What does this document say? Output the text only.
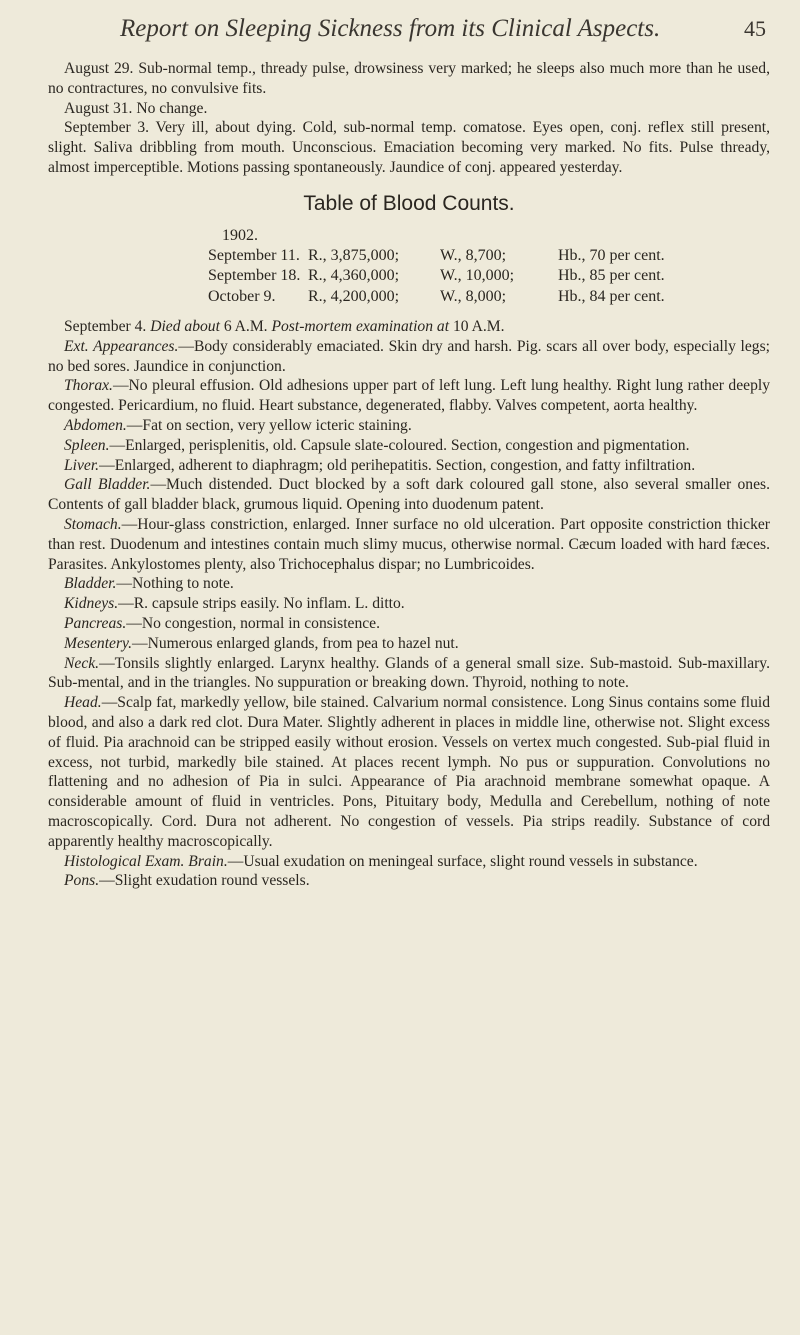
Report on Sleeping Sickness from its Clinical Aspects.	45

August 29. Sub-normal temp., thready pulse, drowsiness very marked; he sleeps also much more than he used, no contractures, no convulsive fits.

August 31. No change.

September 3. Very ill, about dying. Cold, sub-normal temp. comatose. Eyes open, conj. reflex still present, slight. Saliva dribbling from mouth. Unconscious. Emaciation becoming very marked. No fits. Pulse thready, almost imperceptible. Motions passing spontaneously. Jaundice of conj. appeared yesterday.

Table of Blood Counts.
1902.
September 11. R., 3,875,000;	W., 8,700;	Hb., 70 per cent.
September 18. R., 4,360,000;	W., 10,000;	Hb., 85 per cent.
October 9. R., 4,200,000;	W., 8,000;	Hb., 84 per cent.

September 4. Died about 6 A.M. Post-mortem examination at 10 A.M.

Ext. Appearances.—Body considerably emaciated. Skin dry and harsh. Pig. scars all over body, especially legs; no bed sores. Jaundice in conjunction.

Thorax.—No pleural effusion. Old adhesions upper part of left lung. Left lung healthy. Right lung rather deeply congested. Pericardium, no fluid. Heart substance, degenerated, flabby. Valves competent, aorta healthy.

Abdomen.—Fat on section, very yellow icteric staining.

Spleen.—Enlarged, perisplenitis, old. Capsule slate-coloured. Section, congestion and pigmentation.

Liver.—Enlarged, adherent to diaphragm; old perihepatitis. Section, congestion, and fatty infiltration.

Gall Bladder.—Much distended. Duct blocked by a soft dark coloured gall stone, also several smaller ones. Contents of gall bladder black, grumous liquid. Opening into duodenum patent.

Stomach.—Hour-glass constriction, enlarged. Inner surface no old ulceration. Part opposite constriction thicker than rest. Duodenum and intestines contain much slimy mucus, otherwise normal. Cæcum loaded with hard fæces. Parasites. Ankylostomes plenty, also Trichocephalus dispar; no Lumbricoides.

Bladder.—Nothing to note.

Kidneys.—R. capsule strips easily. No inflam. L. ditto.

Pancreas.—No congestion, normal in consistence.

Mesentery.—Numerous enlarged glands, from pea to hazel nut.

Neck.—Tonsils slightly enlarged. Larynx healthy. Glands of a general small size. Sub-mastoid. Sub-maxillary. Sub-mental, and in the triangles. No suppuration or breaking down. Thyroid, nothing to note.

Head.—Scalp fat, markedly yellow, bile stained. Calvarium normal consistence. Long Sinus contains some fluid blood, and also a dark red clot. Dura Mater. Slightly adherent in places in middle line, otherwise not. Slight excess of fluid. Pia arachnoid can be stripped easily without erosion. Vessels on vertex much congested. Sub-pial fluid in excess, not turbid, markedly bile stained. At places recent lymph. No pus or suppuration. Convolutions no flattening and no adhesion of Pia in sulci. Appearance of Pia arachnoid membrane somewhat opaque. A considerable amount of fluid in ventricles. Pons, Pituitary body, Medulla and Cerebellum, nothing of note macroscopically. Cord. Dura not adherent. No congestion of vessels. Pia strips readily. Substance of cord apparently healthy macroscopically.

Histological Exam. Brain.—Usual exudation on meningeal surface, slight round vessels in substance.

Pons.—Slight exudation round vessels.
